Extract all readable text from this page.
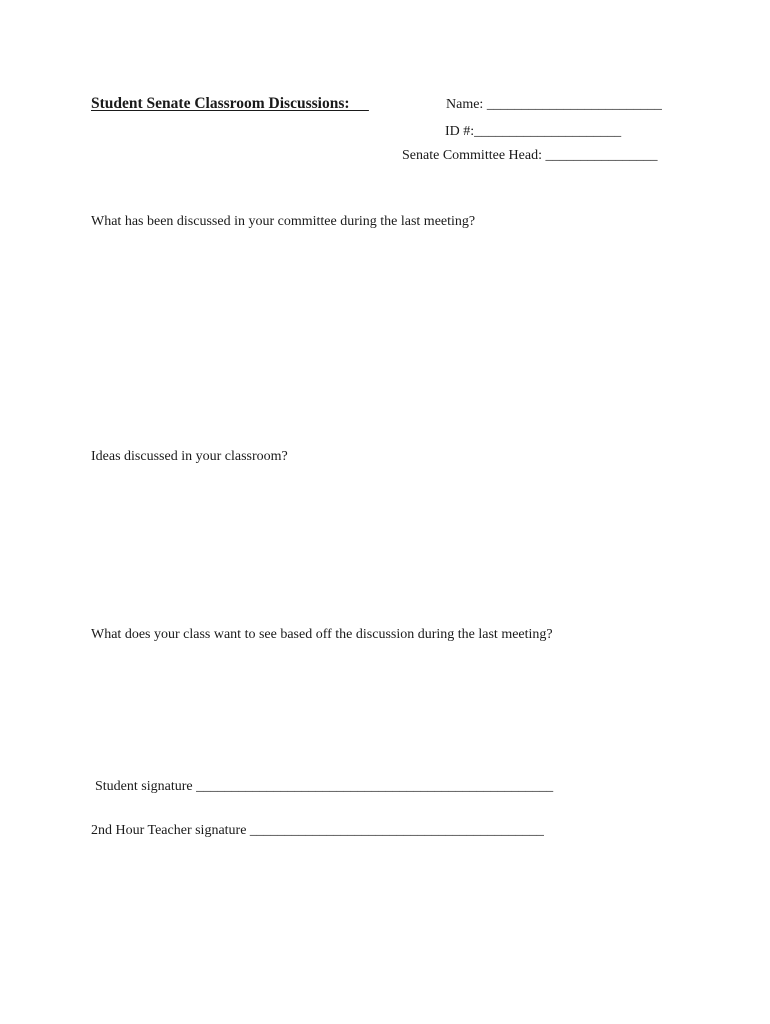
Student Senate Classroom Discussions:	Name: _________________________
ID #:_____________________
Senate Committee Head: ________________
What has been discussed in your committee during the last meeting?
Ideas discussed in your classroom?
What does your class want to see based off the discussion during the last meeting?
Student signature ___________________________________________________
2nd Hour Teacher signature __________________________________________
